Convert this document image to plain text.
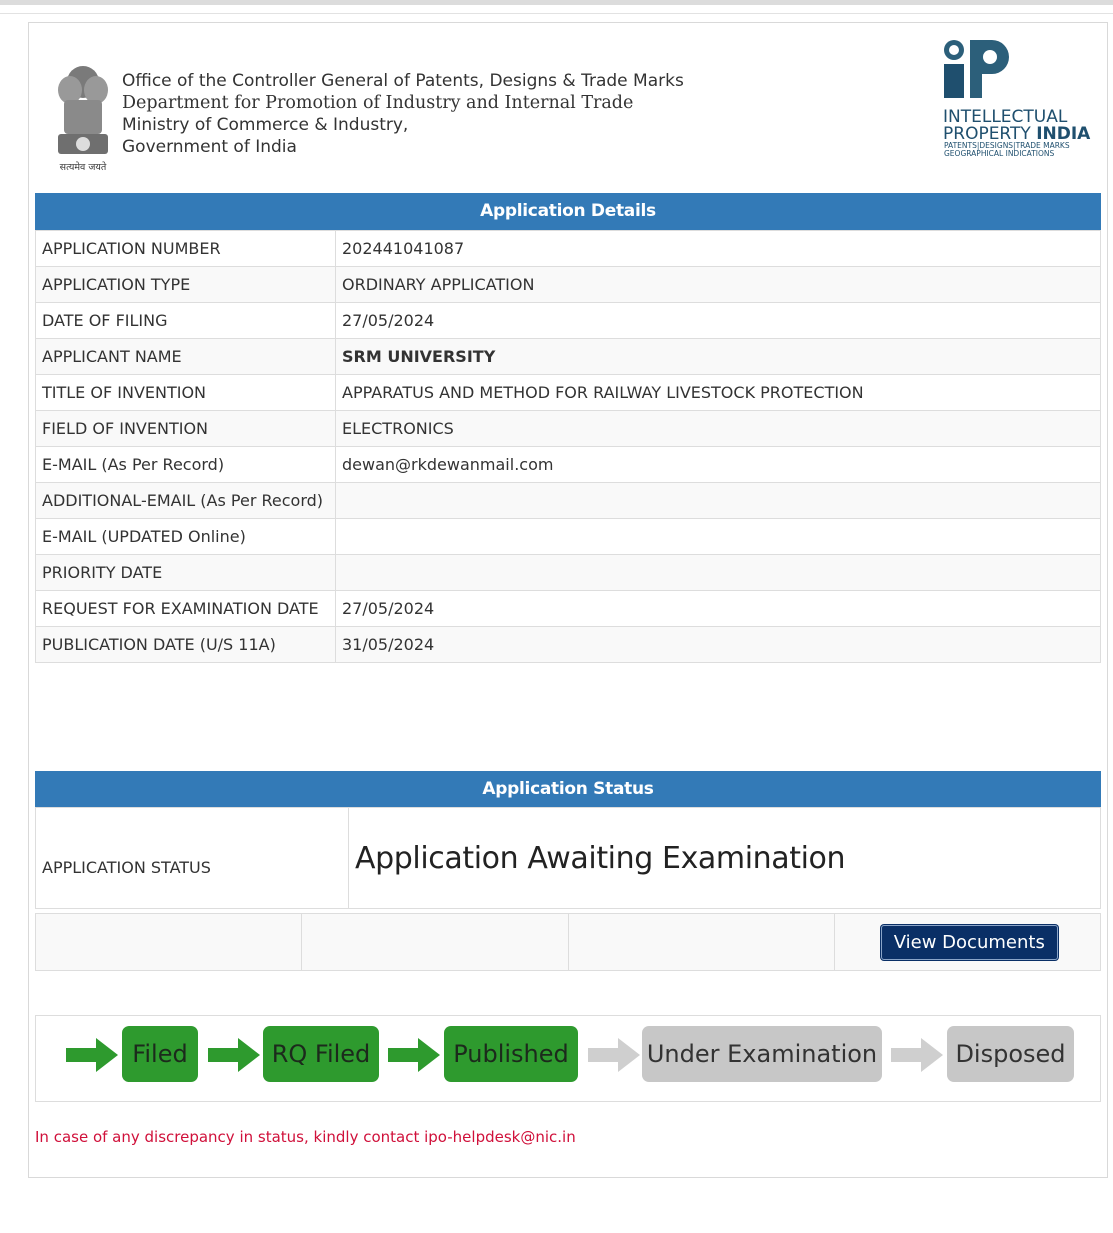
सत्यमेव जयते
Office of the Controller General of Patents, Designs & Trade Marks
Department for Promotion of Industry and Internal Trade
Ministry of Commerce & Industry,
Government of India
INTELLECTUAL
PROPERTY INDIA
PATENTS|DESIGNS|TRADE MARKS
GEOGRAPHICAL INDICATIONS
Application Details
APPLICATION NUMBER	202441041087
APPLICATION TYPE	ORDINARY APPLICATION
DATE OF FILING	27/05/2024
APPLICANT NAME	SRM UNIVERSITY
TITLE OF INVENTION	APPARATUS AND METHOD FOR RAILWAY LIVESTOCK PROTECTION
FIELD OF INVENTION	ELECTRONICS
E-MAIL (As Per Record)	dewan@rkdewanmail.com
ADDITIONAL-EMAIL (As Per Record)	
E-MAIL (UPDATED Online)	
PRIORITY DATE	
REQUEST FOR EXAMINATION DATE	27/05/2024
PUBLICATION DATE (U/S 11A)	31/05/2024
Application Status
APPLICATION STATUS	Application Awaiting Examination
			View Documents
Filed	RQ Filed	Published	Under Examination	Disposed
In case of any discrepancy in status, kindly contact ipo-helpdesk@nic.in
